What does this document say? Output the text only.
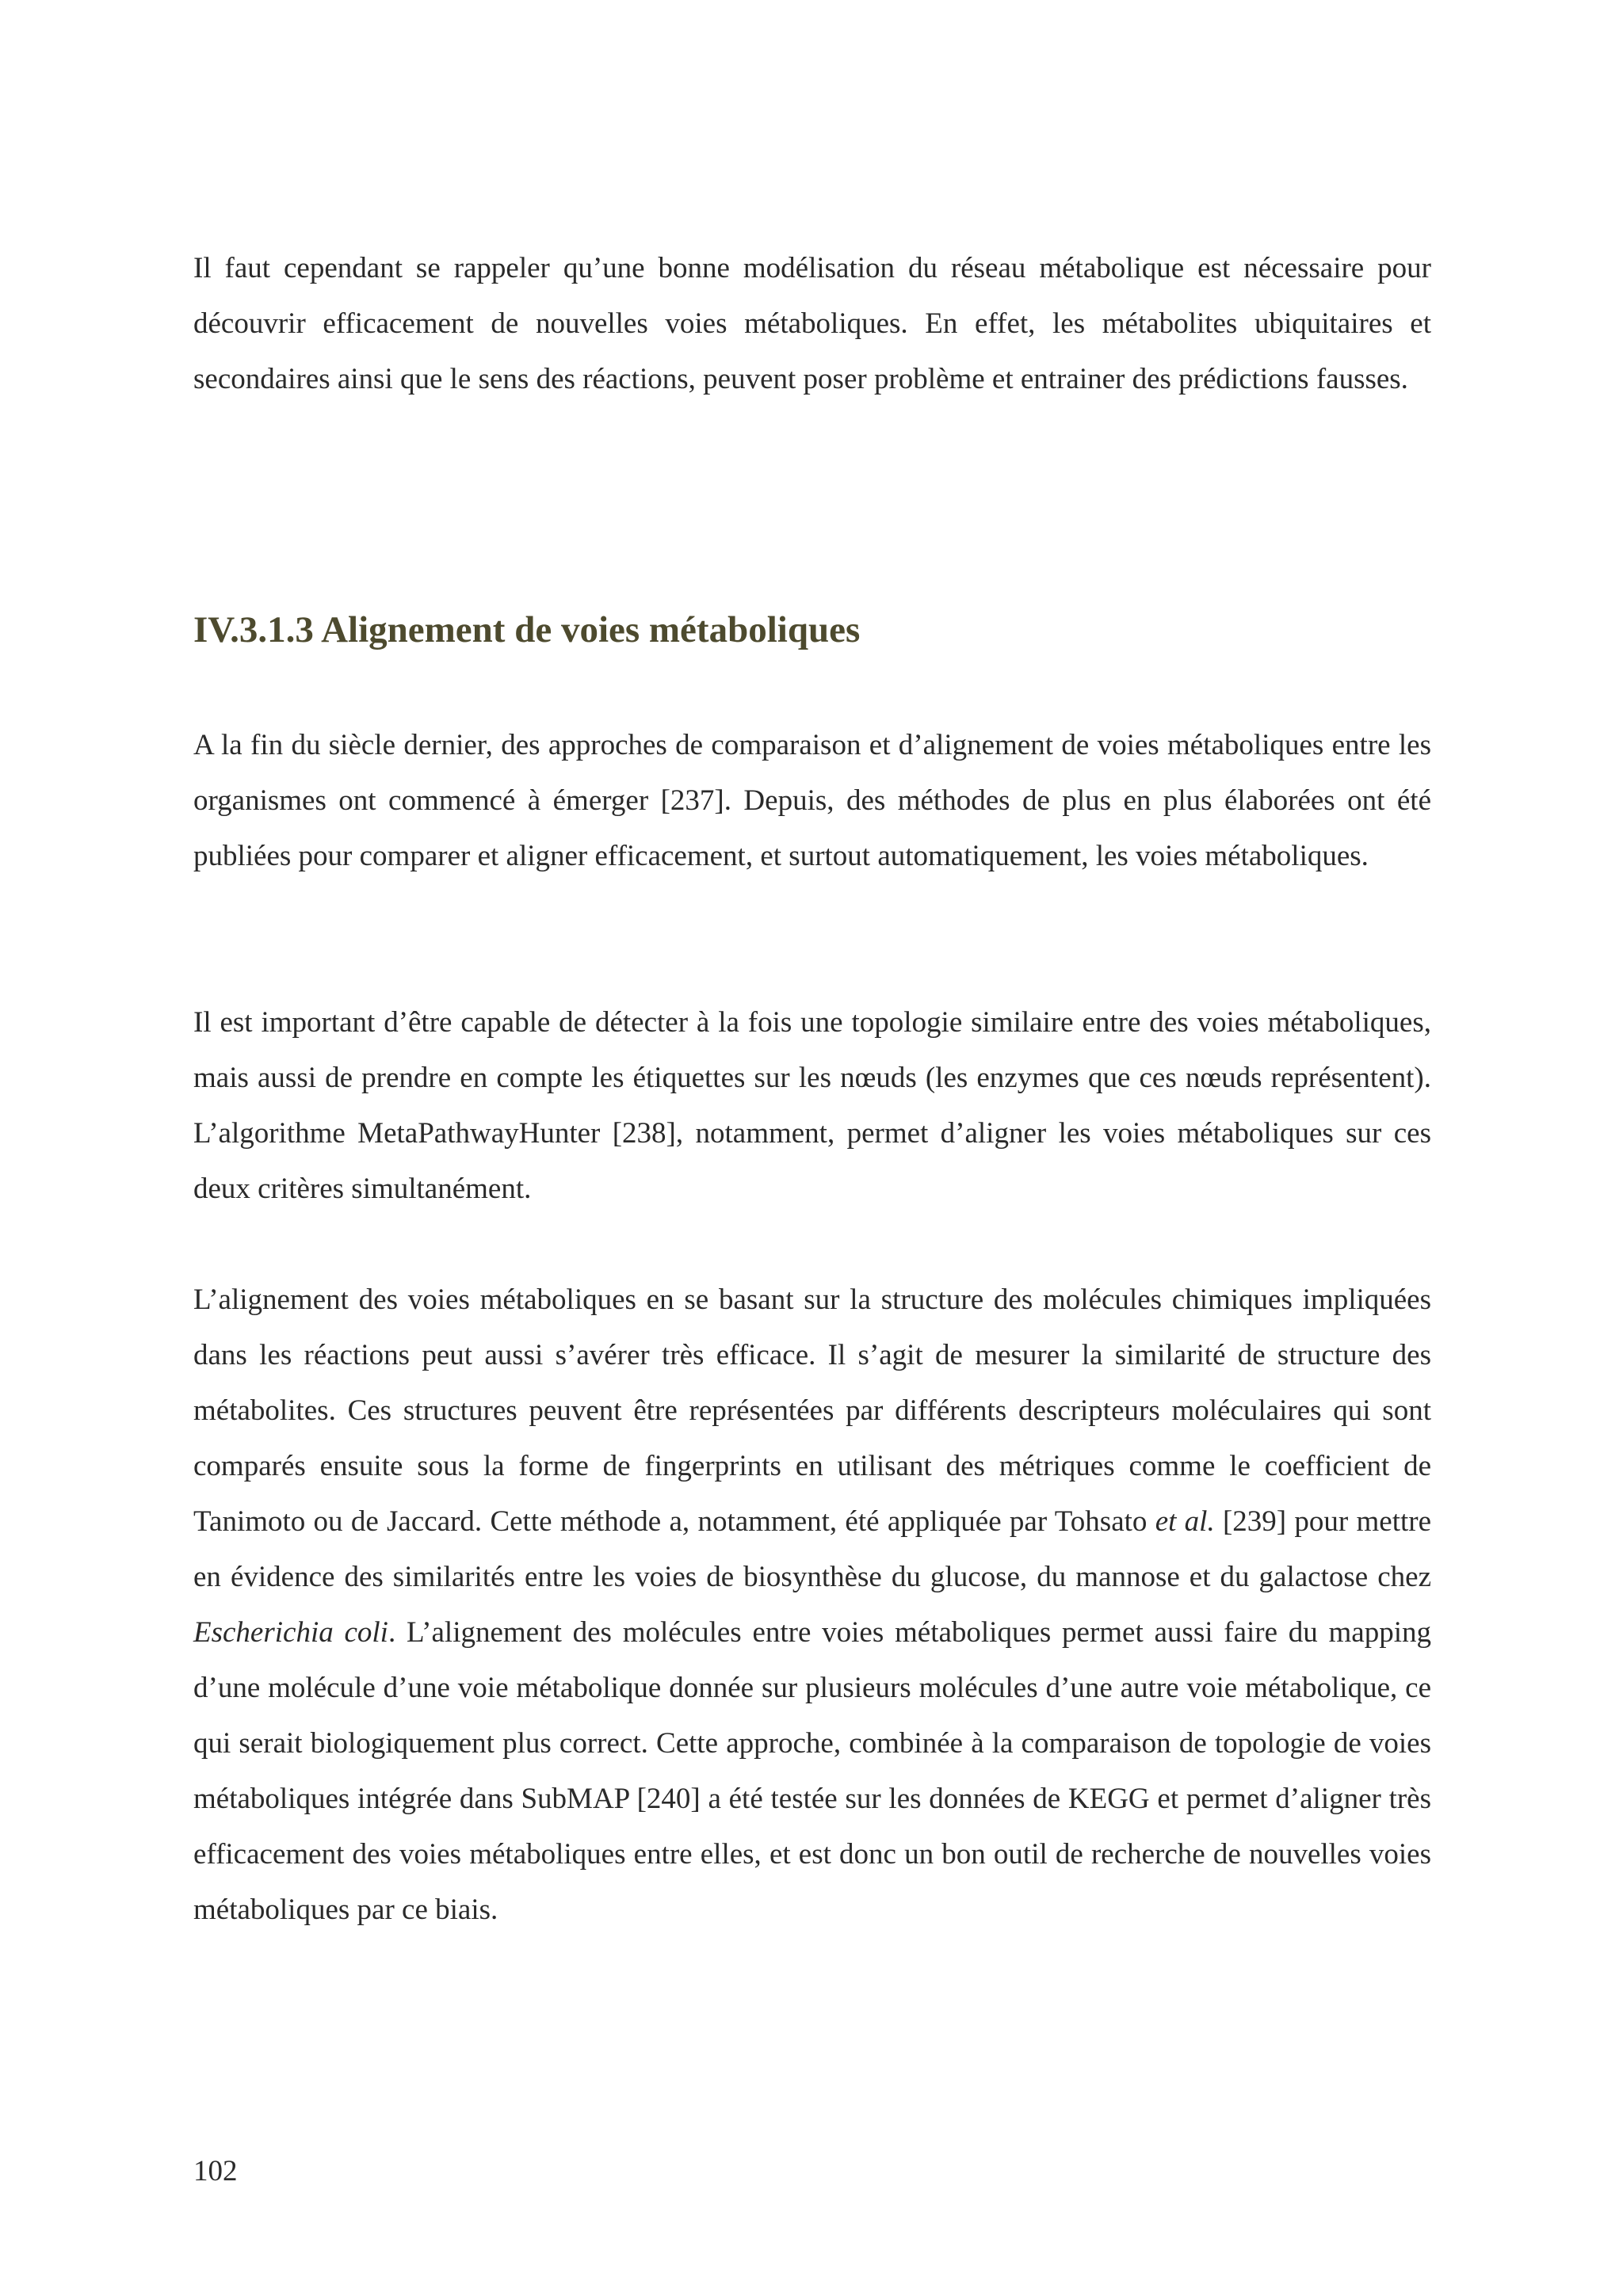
Il faut cependant se rappeler qu’une bonne modélisation du réseau métabolique est nécessaire pour découvrir efficacement de nouvelles voies métaboliques. En effet, les métabolites ubiquitaires et secondaires ainsi que le sens des réactions, peuvent poser problème et entrainer des prédictions fausses.

IV.3.1.3 Alignement de voies métaboliques

A la fin du siècle dernier, des approches de comparaison et d’alignement de voies métaboliques entre les organismes ont commencé à émerger [237]. Depuis, des méthodes de plus en plus élaborées ont été publiées pour comparer et aligner efficacement, et surtout automatiquement, les voies métaboliques.

Il est important d’être capable de détecter à la fois une topologie similaire entre des voies métaboliques, mais aussi de prendre en compte les étiquettes sur les nœuds (les enzymes que ces nœuds représentent). L’algorithme MetaPathwayHunter [238], notamment, permet d’aligner les voies métaboliques sur ces deux critères simultanément.

L’alignement des voies métaboliques en se basant sur la structure des molécules chimiques impliquées dans les réactions peut aussi s’avérer très efficace. Il s’agit de mesurer la similarité de structure des métabolites. Ces structures peuvent être représentées par différents descripteurs moléculaires qui sont comparés ensuite sous la forme de fingerprints en utilisant des métriques comme le coefficient de Tanimoto ou de Jaccard. Cette méthode a, notamment, été appliquée par Tohsato et al. [239] pour mettre en évidence des similarités entre les voies de biosynthèse du glucose, du mannose et du galactose chez Escherichia coli. L’alignement des molécules entre voies métaboliques permet aussi faire du mapping d’une molécule d’une voie métabolique donnée sur plusieurs molécules d’une autre voie métabolique, ce qui serait biologiquement plus correct. Cette approche, combinée à la comparaison de topologie de voies métaboliques intégrée dans SubMAP [240] a été testée sur les données de KEGG et permet d’aligner très efficacement des voies métaboliques entre elles, et est donc un bon outil de recherche de nouvelles voies métaboliques par ce biais.

102
